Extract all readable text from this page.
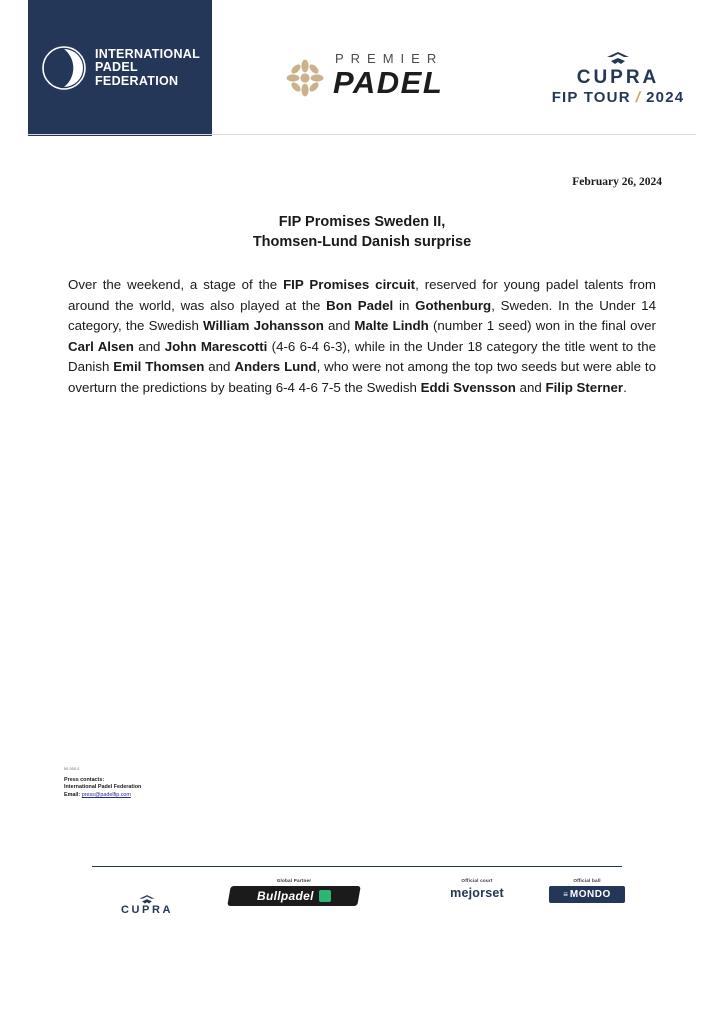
INTERNATIONAL
PADEL
FEDERATION
PREMIER
PADEL	CUPRA
FIP TOUR / 2024
February 26, 2024
FIP Promises Sweden II,
Thomsen-Lund Danish surprise

Over the weekend, a stage of the FIP Promises circuit, reserved for young padel talents from around the world, was also played at the Bon Padel in Gothenburg, Sweden. In the Under 14 category, the Swedish William Johansson and Malte Lindh (number 1 seed) won in the final over Carl Alsen and John Marescotti (4-6 6-4 6-3), while in the Under 18 category the title went to the Danish Emil Thomsen and Anders Lund, who were not among the top two seeds but were able to overturn the predictions by beating 6-4 4-6 7-5 the Swedish Eddi Svensson and Filip Sterner.

00.000.0
Press contacts:
International Padel Federation
Email: press@padelfip.com
CUPRA
Global Partner
Bullpadel
Official court
mejorset
Official ball
≡ MONDO
